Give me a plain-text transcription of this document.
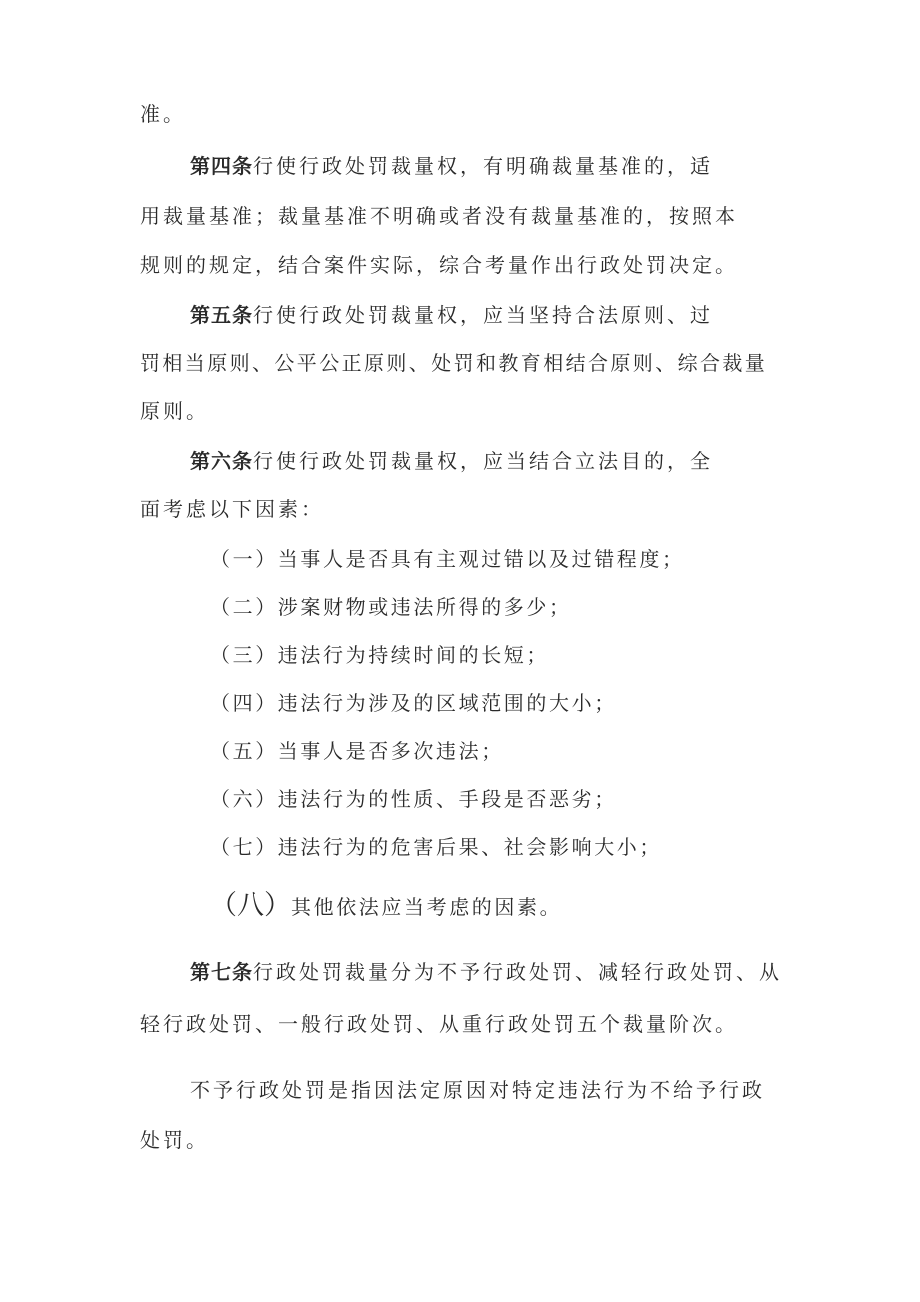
准。
第四条行使行政处罚裁量权，有明确裁量基准的，适
用裁量基准；裁量基准不明确或者没有裁量基准的，按照本
规则的规定，结合案件实际，综合考量作出行政处罚决定。
第五条行使行政处罚裁量权，应当坚持合法原则、过
罚相当原则、公平公正原则、处罚和教育相结合原则、综合裁量
原则。
第六条行使行政处罚裁量权，应当结合立法目的，全
面考虑以下因素：
（一）当事人是否具有主观过错以及过错程度；
（二）涉案财物或违法所得的多少；
（三）违法行为持续时间的长短；
（四）违法行为涉及的区域范围的大小；
（五）当事人是否多次违法；
（六）违法行为的性质、手段是否恶劣；
（七）违法行为的危害后果、社会影响大小；
（八）其他依法应当考虑的因素。
第七条行政处罚裁量分为不予行政处罚、减轻行政处罚、从
轻行政处罚、一般行政处罚、从重行政处罚五个裁量阶次。
不予行政处罚是指因法定原因对特定违法行为不给予行政
处罚。
